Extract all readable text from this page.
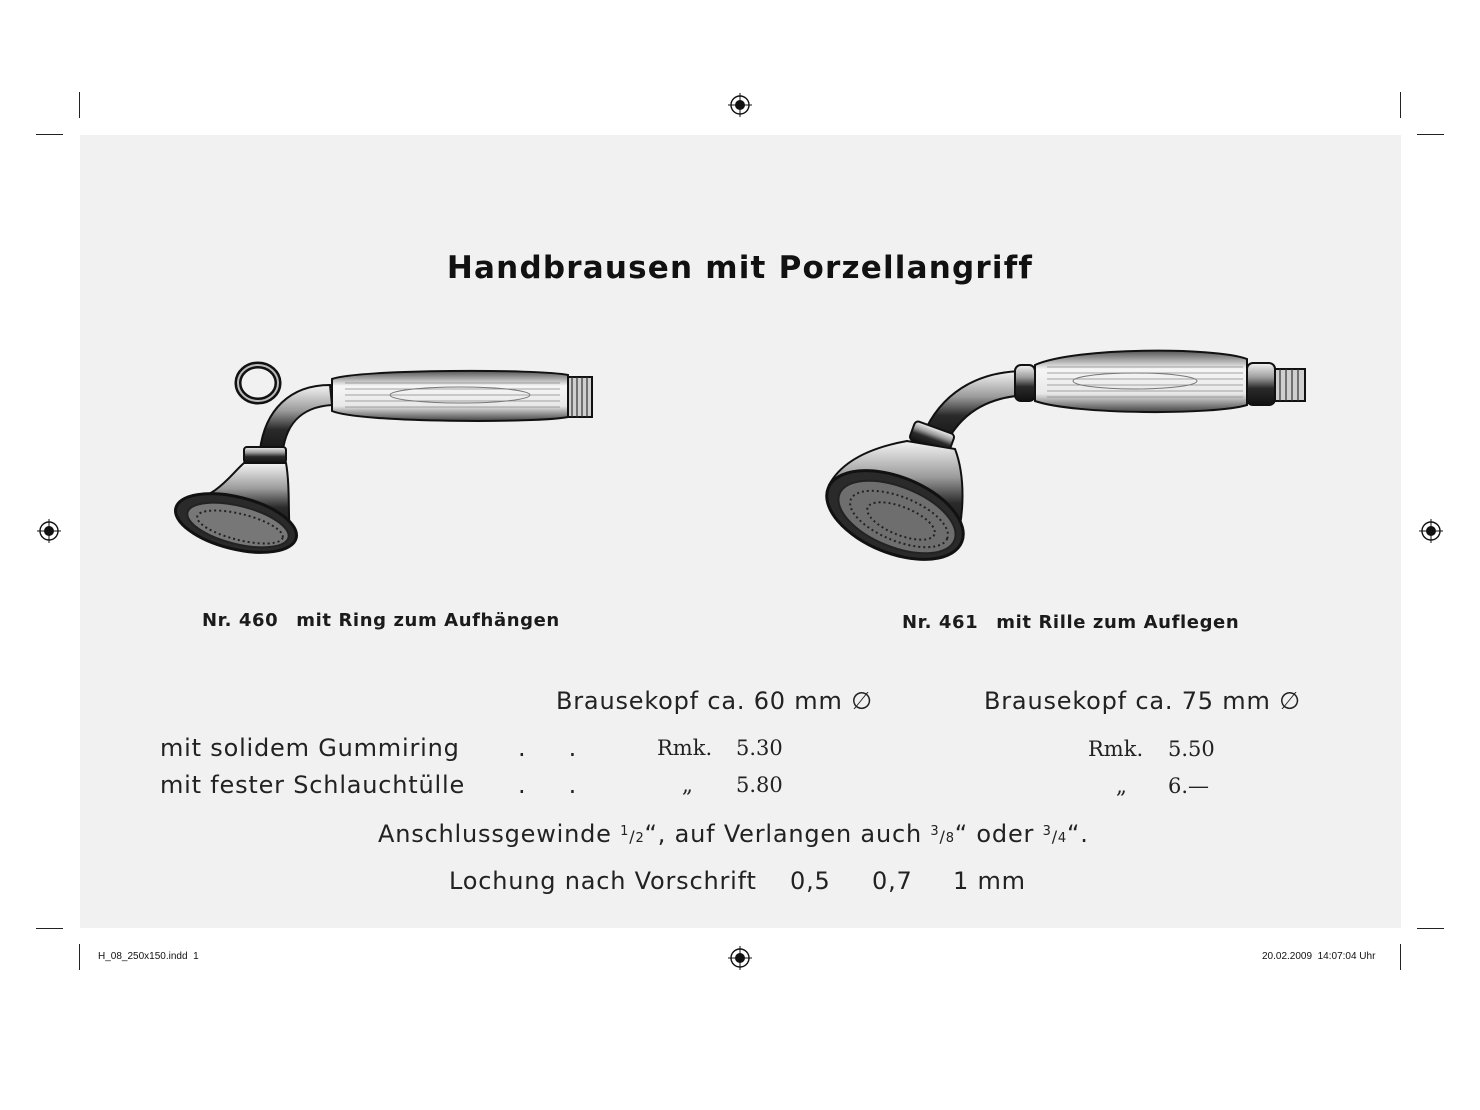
Handbrausen mit Porzellangriff
Nr. 460 mit Ring zum Aufhängen	Nr. 461 mit Rille zum Auflegen
Brausekopf ca. 60 mm ∅	Brausekopf ca. 75 mm ∅
mit solidem Gummiring .     .	Rmk. 5.30	Rmk. 5.50
mit fester Schlauchtülle .     .	„ 5.80	„ 6.—
Anschlussgewinde $^1$/2“, auf Verlangen auch $^3$/8“ oder $^3$/4“.
Lochung nach Vorschrift 0,5 0,7 1 mm
H_08_250x150.indd  1	20.02.2009  14:07:04 Uhr
